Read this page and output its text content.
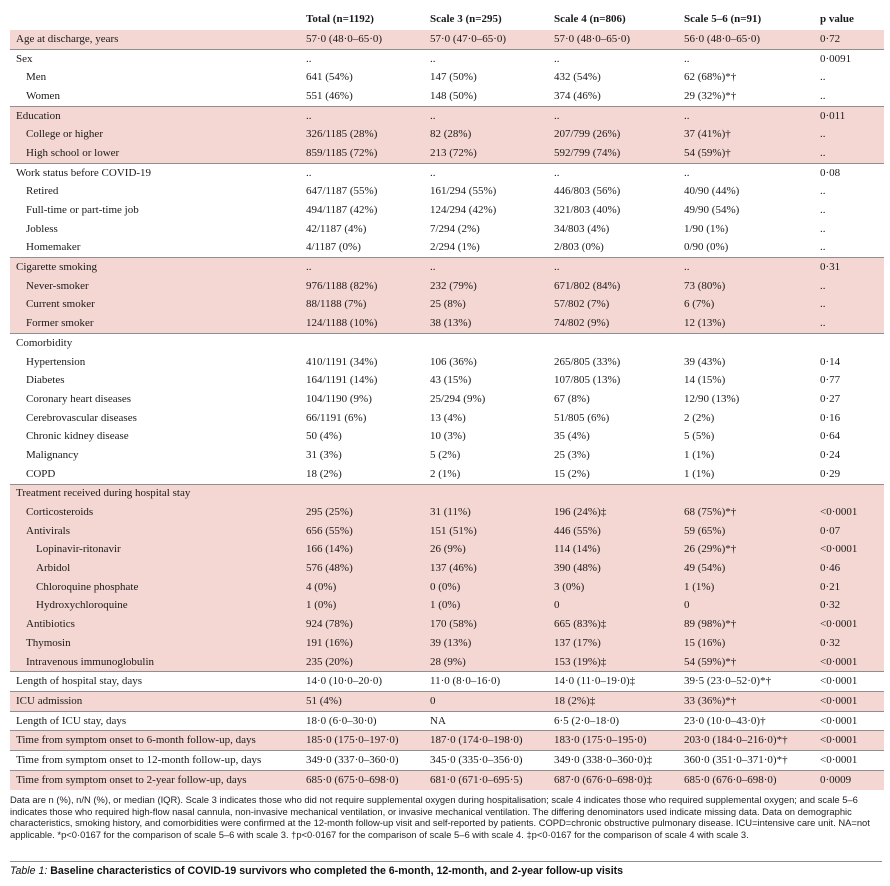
	Total (n=1192)	Scale 3 (n=295)	Scale 4 (n=806)	Scale 5–6 (n=91)	p value
Age at discharge, years	57·0 (48·0–65·0)	57·0 (47·0–65·0)	57·0 (48·0–65·0)	56·0 (48·0–65·0)	0·72
Sex	..	..	..	..	0·0091
Men	641 (54%)	147 (50%)	432 (54%)	62 (68%)*†	..
Women	551 (46%)	148 (50%)	374 (46%)	29 (32%)*†	..
Education	..	..	..	..	0·011
College or higher	326/1185 (28%)	82 (28%)	207/799 (26%)	37 (41%)†	..
High school or lower	859/1185 (72%)	213 (72%)	592/799 (74%)	54 (59%)†	..
Work status before COVID-19	..	..	..	..	0·08
Retired	647/1187 (55%)	161/294 (55%)	446/803 (56%)	40/90 (44%)	..
Full-time or part-time job	494/1187 (42%)	124/294 (42%)	321/803 (40%)	49/90 (54%)	..
Jobless	42/1187 (4%)	7/294 (2%)	34/803 (4%)	1/90 (1%)	..
Homemaker	4/1187 (0%)	2/294 (1%)	2/803 (0%)	0/90 (0%)	..
Cigarette smoking	..	..	..	..	0·31
Never-smoker	976/1188 (82%)	232 (79%)	671/802 (84%)	73 (80%)	..
Current smoker	88/1188 (7%)	25 (8%)	57/802 (7%)	6 (7%)	..
Former smoker	124/1188 (10%)	38 (13%)	74/802 (9%)	12 (13%)	..
Comorbidity					
Hypertension	410/1191 (34%)	106 (36%)	265/805 (33%)	39 (43%)	0·14
Diabetes	164/1191 (14%)	43 (15%)	107/805 (13%)	14 (15%)	0·77
Coronary heart diseases	104/1190 (9%)	25/294 (9%)	67 (8%)	12/90 (13%)	0·27
Cerebrovascular diseases	66/1191 (6%)	13 (4%)	51/805 (6%)	2 (2%)	0·16
Chronic kidney disease	50 (4%)	10 (3%)	35 (4%)	5 (5%)	0·64
Malignancy	31 (3%)	5 (2%)	25 (3%)	1 (1%)	0·24
COPD	18 (2%)	2 (1%)	15 (2%)	1 (1%)	0·29
Treatment received during hospital stay					
Corticosteroids	295 (25%)	31 (11%)	196 (24%)‡	68 (75%)*†	<0·0001
Antivirals	656 (55%)	151 (51%)	446 (55%)	59 (65%)	0·07
Lopinavir-ritonavir	166 (14%)	26 (9%)	114 (14%)	26 (29%)*†	<0·0001
Arbidol	576 (48%)	137 (46%)	390 (48%)	49 (54%)	0·46
Chloroquine phosphate	4 (0%)	0 (0%)	3 (0%)	1 (1%)	0·21
Hydroxychloroquine	1 (0%)	1 (0%)	0	0	0·32
Antibiotics	924 (78%)	170 (58%)	665 (83%)‡	89 (98%)*†	<0·0001
Thymosin	191 (16%)	39 (13%)	137 (17%)	15 (16%)	0·32
Intravenous immunoglobulin	235 (20%)	28 (9%)	153 (19%)‡	54 (59%)*†	<0·0001
Length of hospital stay, days	14·0 (10·0–20·0)	11·0 (8·0–16·0)	14·0 (11·0–19·0)‡	39·5 (23·0–52·0)*†	<0·0001
ICU admission	51 (4%)	0	18 (2%)‡	33 (36%)*†	<0·0001
Length of ICU stay, days	18·0 (6·0–30·0)	NA	6·5 (2·0–18·0)	23·0 (10·0–43·0)†	<0·0001
Time from symptom onset to 6-month follow-up, days	185·0 (175·0–197·0)	187·0 (174·0–198·0)	183·0 (175·0–195·0)	203·0 (184·0–216·0)*†	<0·0001
Time from symptom onset to 12-month follow-up, days	349·0 (337·0–360·0)	345·0 (335·0–356·0)	349·0 (338·0–360·0)‡	360·0 (351·0–371·0)*†	<0·0001
Time from symptom onset to 2-year follow-up, days	685·0 (675·0–698·0)	681·0 (671·0–695·5)	687·0 (676·0–698·0)‡	685·0 (676·0–698·0)	0·0009

Data are n (%), n/N (%), or median (IQR). Scale 3 indicates those who did not require supplemental oxygen during hospitalisation; scale 4 indicates those who required supplemental oxygen; and scale 5–6 indicates those who required high-flow nasal cannula, non-invasive mechanical ventilation, or invasive mechanical ventilation. The differing denominators used indicate missing data. Data on demographic characteristics, smoking history, and comorbidities were confirmed at the 12-month follow-up visit and self-reported by patients. COPD=chronic obstructive pulmonary disease. ICU=intensive care unit. NA=not applicable. *p<0·0167 for the comparison of scale 5–6 with scale 3. †p<0·0167 for the comparison of scale 5–6 with scale 4. ‡p<0·0167 for the comparison of scale 4 with scale 3.

Table 1: Baseline characteristics of COVID-19 survivors who completed the 6-month, 12-month, and 2-year follow-up visits
